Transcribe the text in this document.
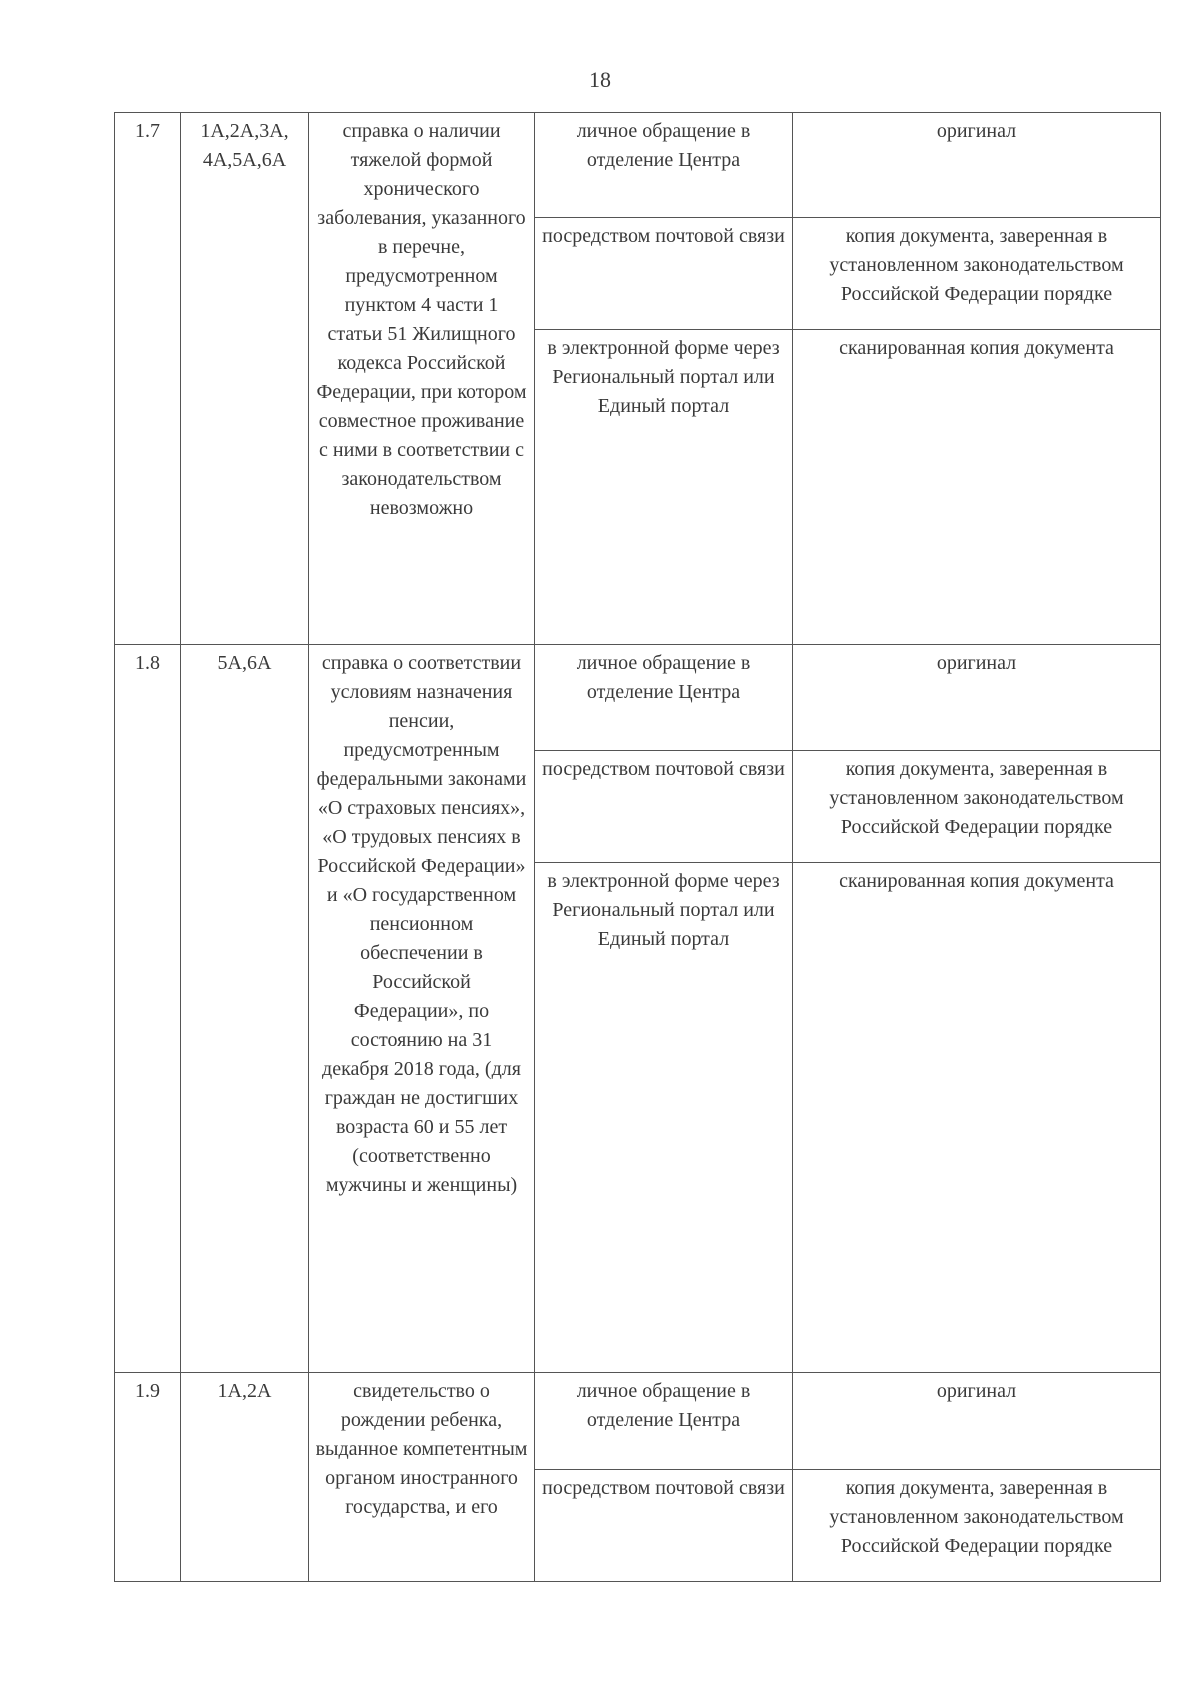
18
1.7	1А,2А,3А, 4А,5А,6А	справка о наличии тяжелой формой хронического заболевания, указанного в перечне, предусмотренном пунктом 4 части 1 статьи 51 Жилищного кодекса Российской Федерации, при котором совместное проживание с ними в соответствии с законодательством невозможно	личное обращение в отделение Центра	оригинал
			посредством почтовой связи	копия документа, заверенная в установленном законодательством Российской Федерации порядке
			в электронной форме через Региональный портал или Единый портал	сканированная копия документа
1.8	5А,6А	справка о соответствии условиям назначения пенсии, предусмотренным федеральными законами «О страховых пенсиях», «О трудовых пенсиях в Российской Федерации» и «О государственном пенсионном обеспечении в Российской Федерации», по состоянию на 31 декабря 2018 года, (для граждан не достигших возраста 60 и 55 лет (соответственно мужчины и женщины)	личное обращение в отделение Центра	оригинал
			посредством почтовой связи	копия документа, заверенная в установленном законодательством Российской Федерации порядке
			в электронной форме через Региональный портал или Единый портал	сканированная копия документа
1.9	1А,2А	свидетельство о рождении ребенка, выданное компетентным органом иностранного государства, и его	личное обращение в отделение Центра	оригинал
			посредством почтовой связи	копия документа, заверенная в установленном законодательством Российской Федерации порядке
